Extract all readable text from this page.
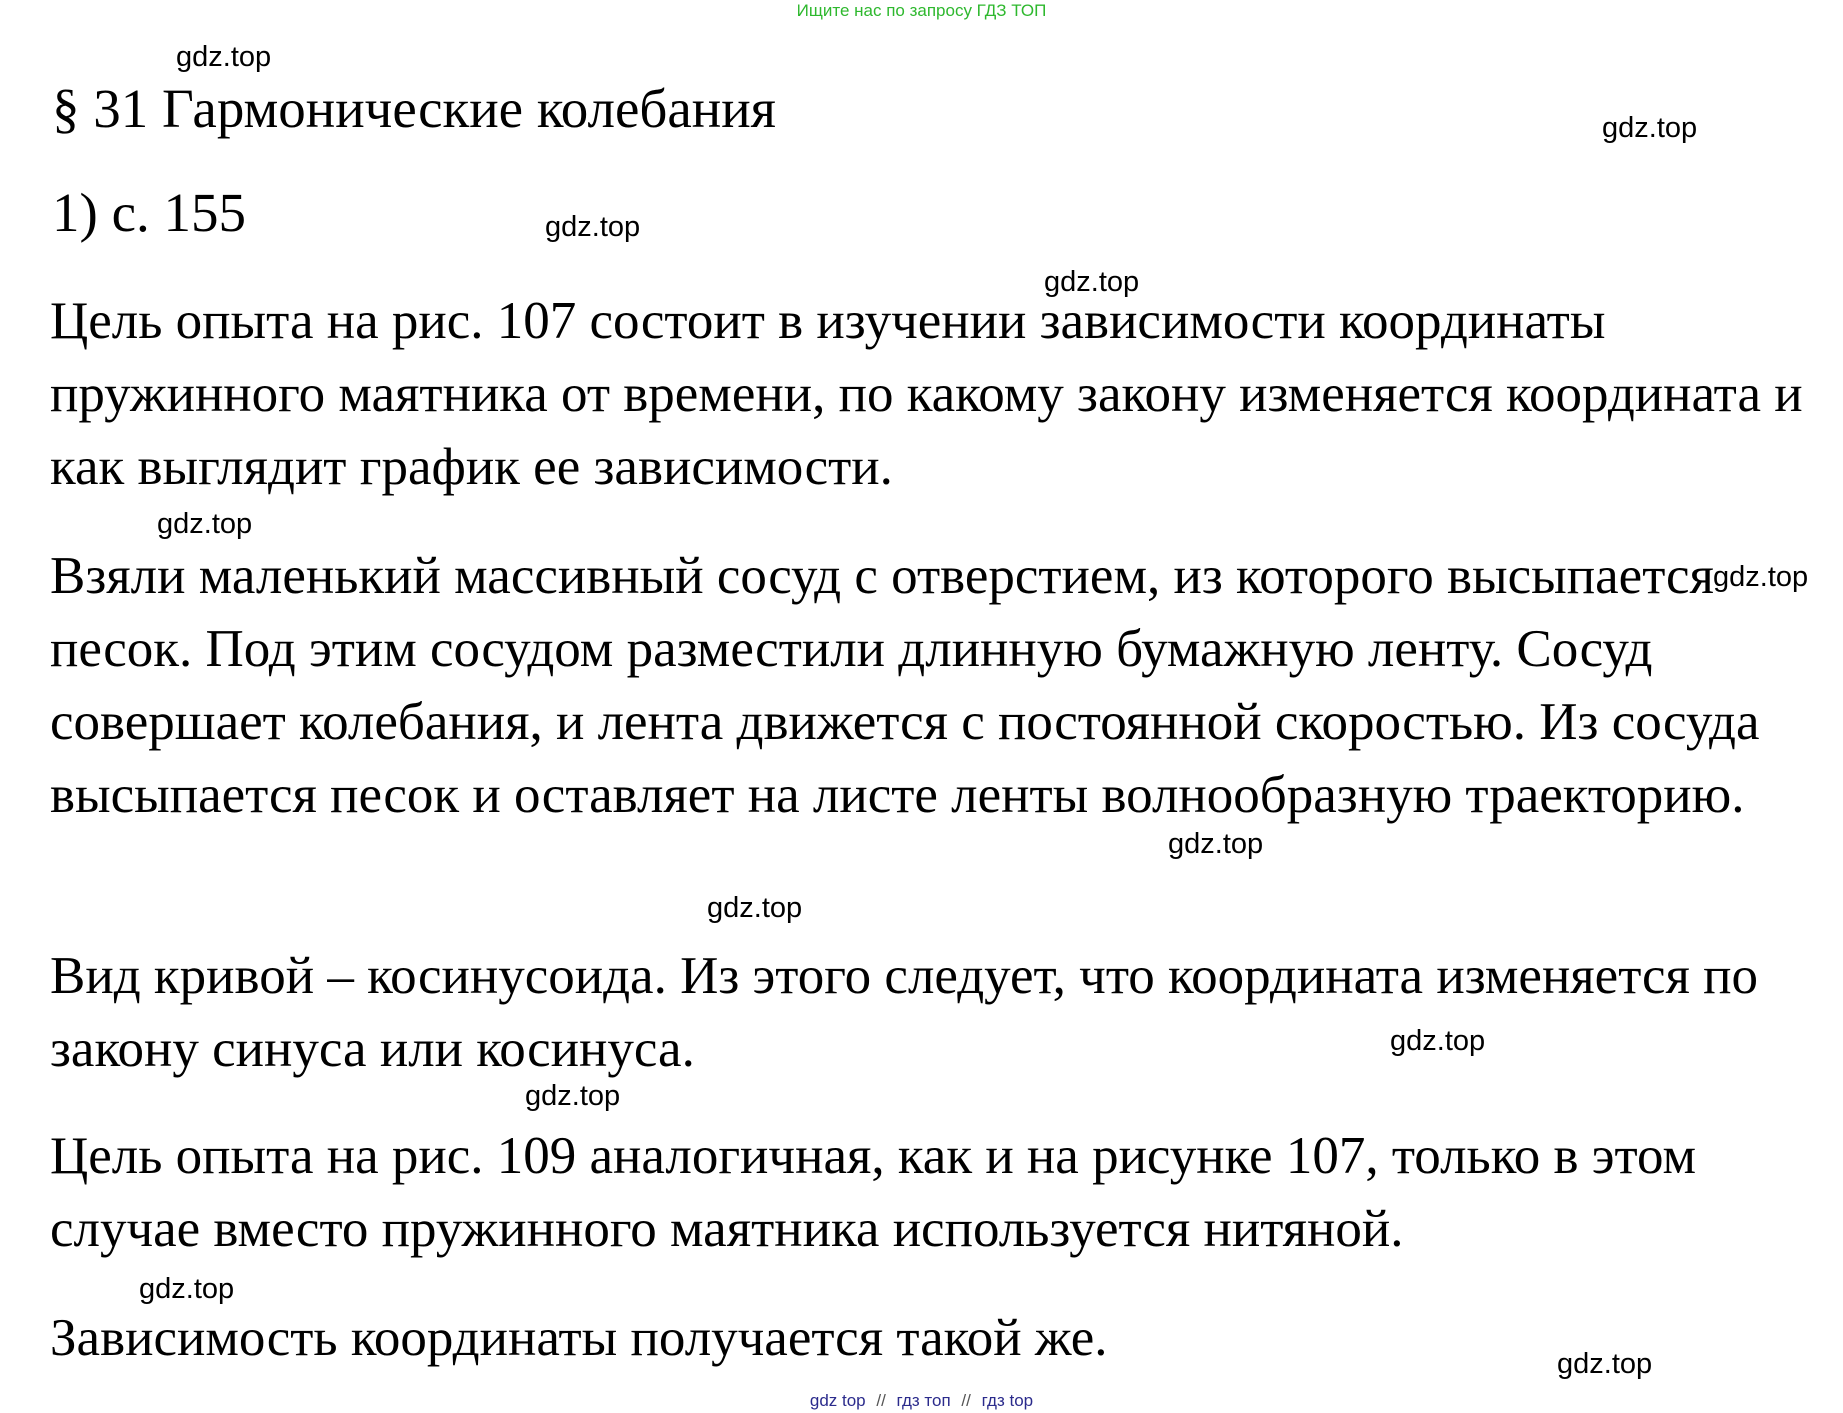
Ищите нас по запросу ГДЗ ТОП
§ 31 Гармонические колебания
1) с. 155

Цель опыта на рис. 107 состоит в изучении зависимости координаты пружинного маятника от времени, по какому закону изменяется координата и как выглядит график ее зависимости.

Взяли маленький массивный сосуд с отверстием, из которого высыпается песок. Под этим сосудом разместили длинную бумажную ленту. Сосуд совершает колебания, и лента движется с постоянной скоростью. Из сосуда высыпается песок и оставляет на листе ленты волнообразную траекторию.

Вид кривой – косинусоида. Из этого следует, что координата изменяется по закону синуса или косинуса.

Цель опыта на рис. 109 аналогичная, как и на рисунке 107, только в этом случае вместо пружинного маятника используется нитяной.

Зависимость координаты получается такой же.

gdz.top
gdz.top
gdz.top
gdz.top
gdz.top
gdz.top
gdz.top
gdz.top
gdz.top
gdz.top
gdz.top
gdz.top
gdz top // гдз топ // гдз top
